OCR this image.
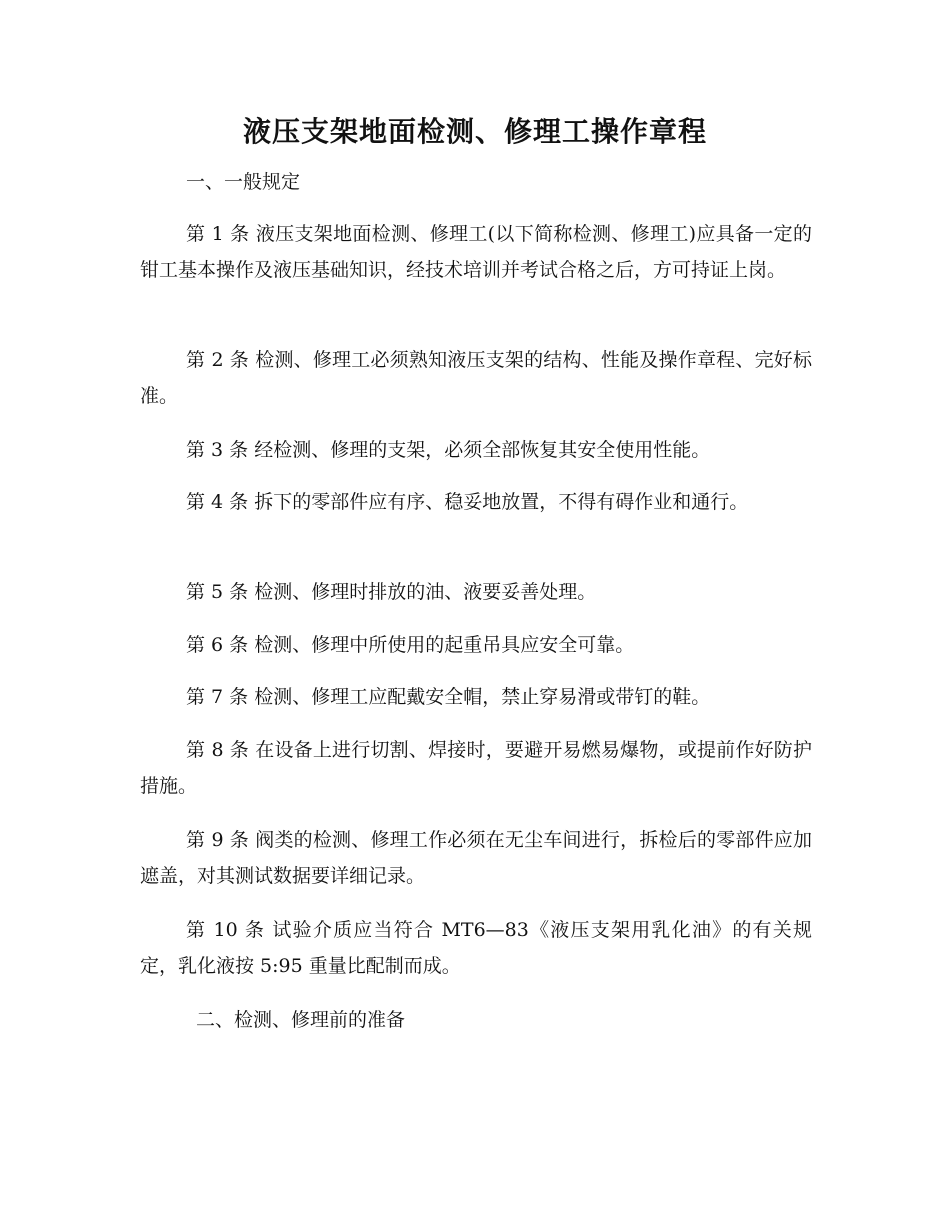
液压支架地面检测、修理工操作章程
一、一般规定
第 1 条 液压支架地面检测、修理工(以下简称检测、修理工)应具备一定的钳工基本操作及液压基础知识，经技术培训并考试合格之后，方可持证上岗。
第 2 条 检测、修理工必须熟知液压支架的结构、性能及操作章程、完好标准。
第 3 条 经检测、修理的支架，必须全部恢复其安全使用性能。
第 4 条 拆下的零部件应有序、稳妥地放置，不得有碍作业和通行。
第 5 条 检测、修理时排放的油、液要妥善处理。
第 6 条 检测、修理中所使用的起重吊具应安全可靠。
第 7 条 检测、修理工应配戴安全帽，禁止穿易滑或带钉的鞋。
第 8 条 在设备上进行切割、焊接时，要避开易燃易爆物，或提前作好防护措施。
第 9 条 阀类的检测、修理工作必须在无尘车间进行，拆检后的零部件应加遮盖，对其测试数据要详细记录。
第 10 条 试验介质应当符合 MT6—83《液压支架用乳化油》的有关规定，乳化液按 5:95 重量比配制而成。
二、检测、修理前的准备
